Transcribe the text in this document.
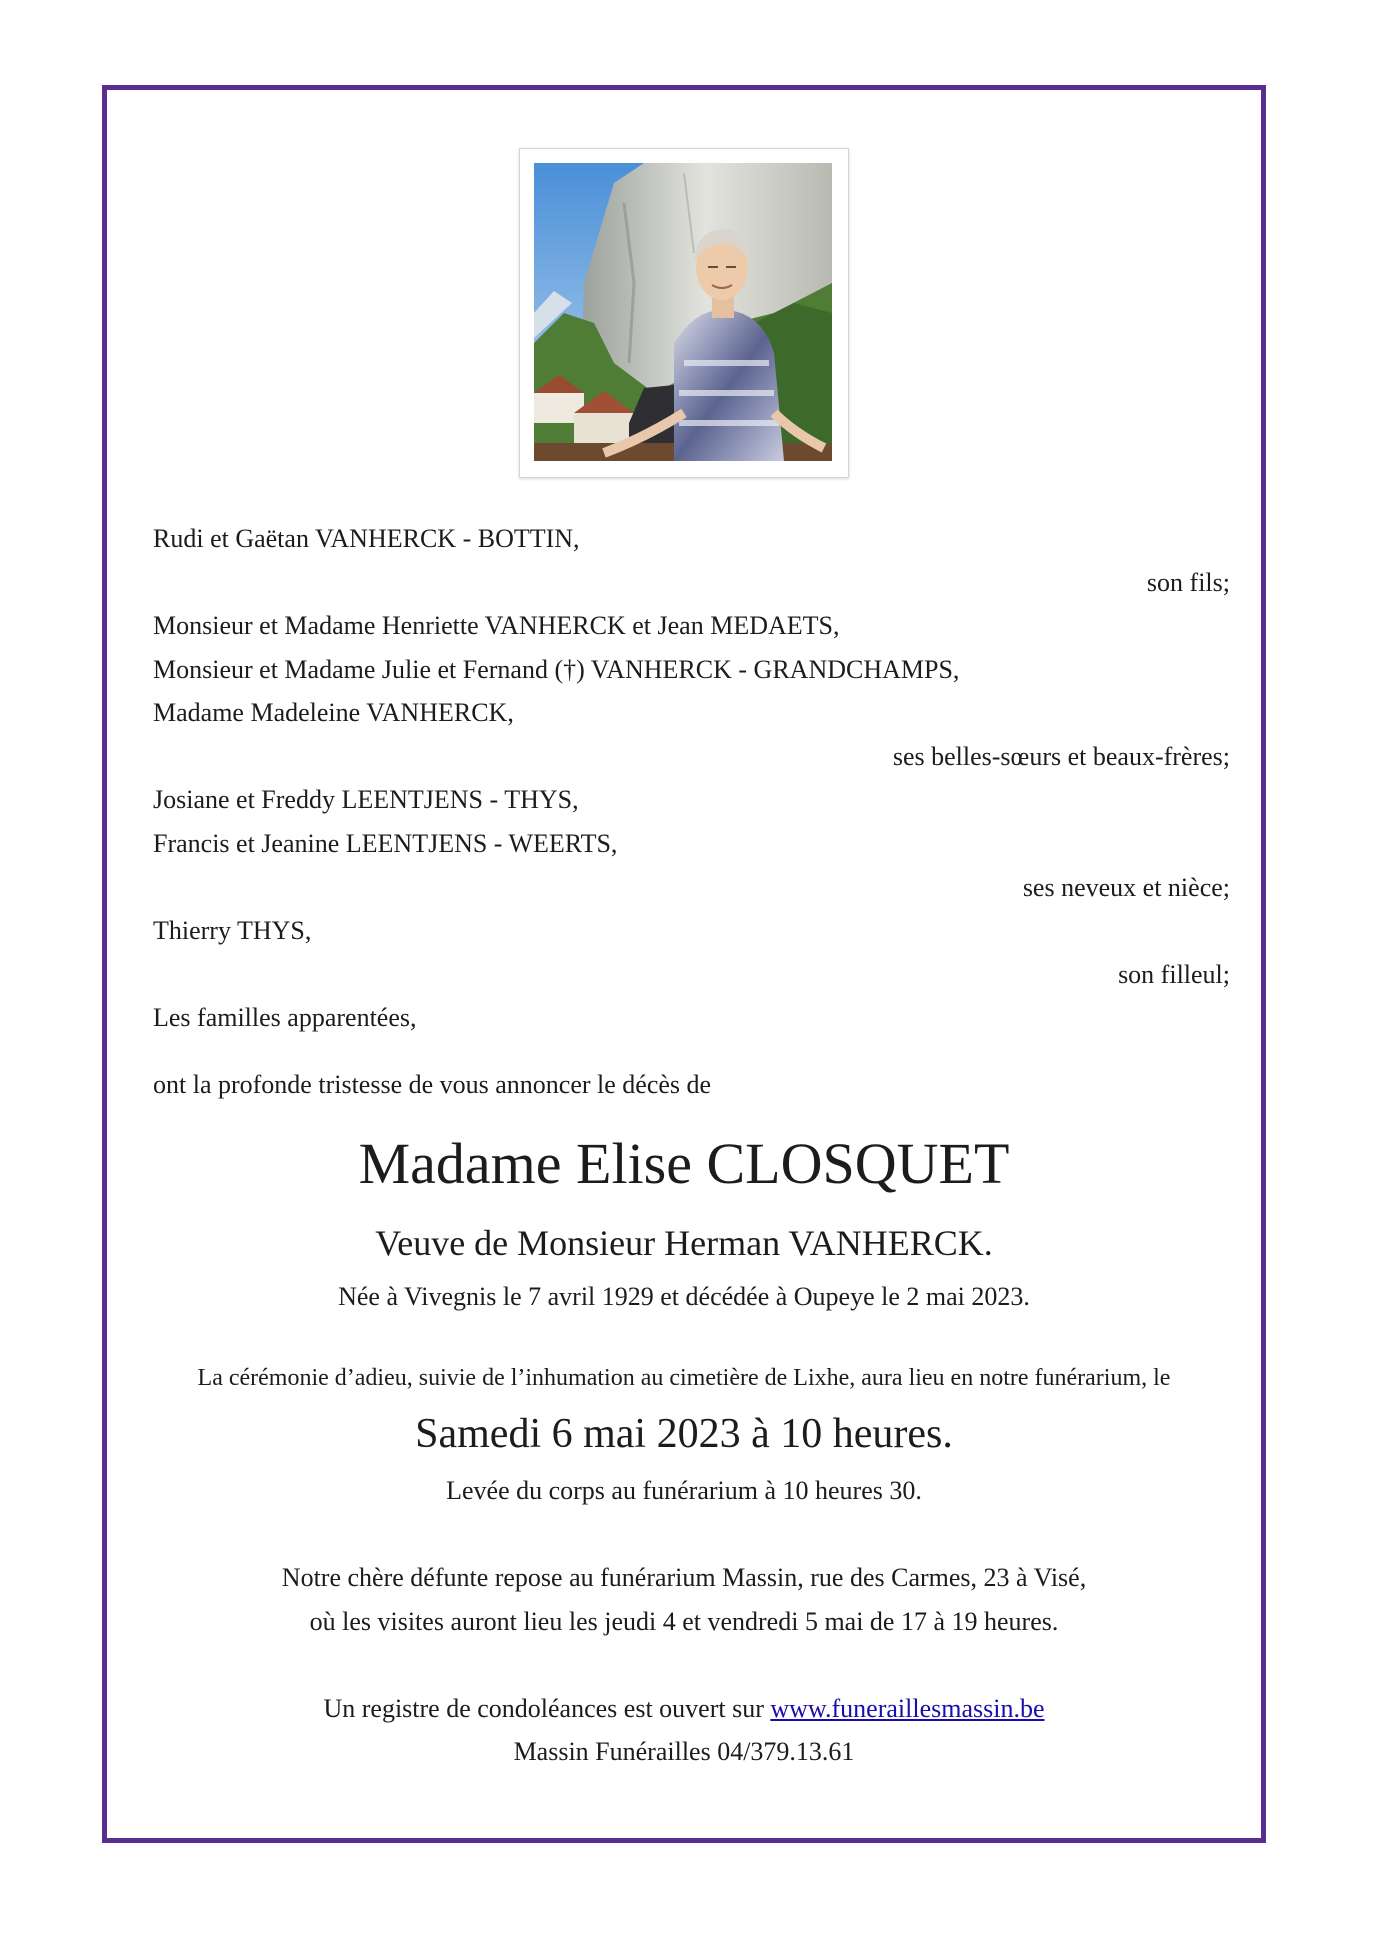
Rudi et Gaëtan VANHERCK - BOTTIN,
son fils;
Monsieur et Madame Henriette VANHERCK et Jean MEDAETS,
Monsieur et Madame Julie et Fernand (†) VANHERCK - GRANDCHAMPS,
Madame Madeleine VANHERCK,
ses belles-sœurs et beaux-frères;
Josiane et Freddy LEENTJENS - THYS,
Francis et Jeanine LEENTJENS - WEERTS,
ses neveux et nièce;
Thierry THYS,
son filleul;
Les familles apparentées,
ont la profonde tristesse de vous annoncer le décès de
Madame Elise CLOSQUET
Veuve de Monsieur Herman VANHERCK.
Née à Vivegnis le 7 avril 1929 et décédée à Oupeye le 2 mai 2023.
La cérémonie d’adieu, suivie de l’inhumation au cimetière de Lixhe, aura lieu en notre funérarium, le
Samedi 6 mai 2023 à 10 heures.
Levée du corps au funérarium à 10 heures 30.
Notre chère défunte repose au funérarium Massin, rue des Carmes, 23 à Visé,
où les visites auront lieu les jeudi 4 et vendredi 5 mai de 17 à 19 heures.
Un registre de condoléances est ouvert sur www.funeraillesmassin.be
Massin Funérailles 04/379.13.61
